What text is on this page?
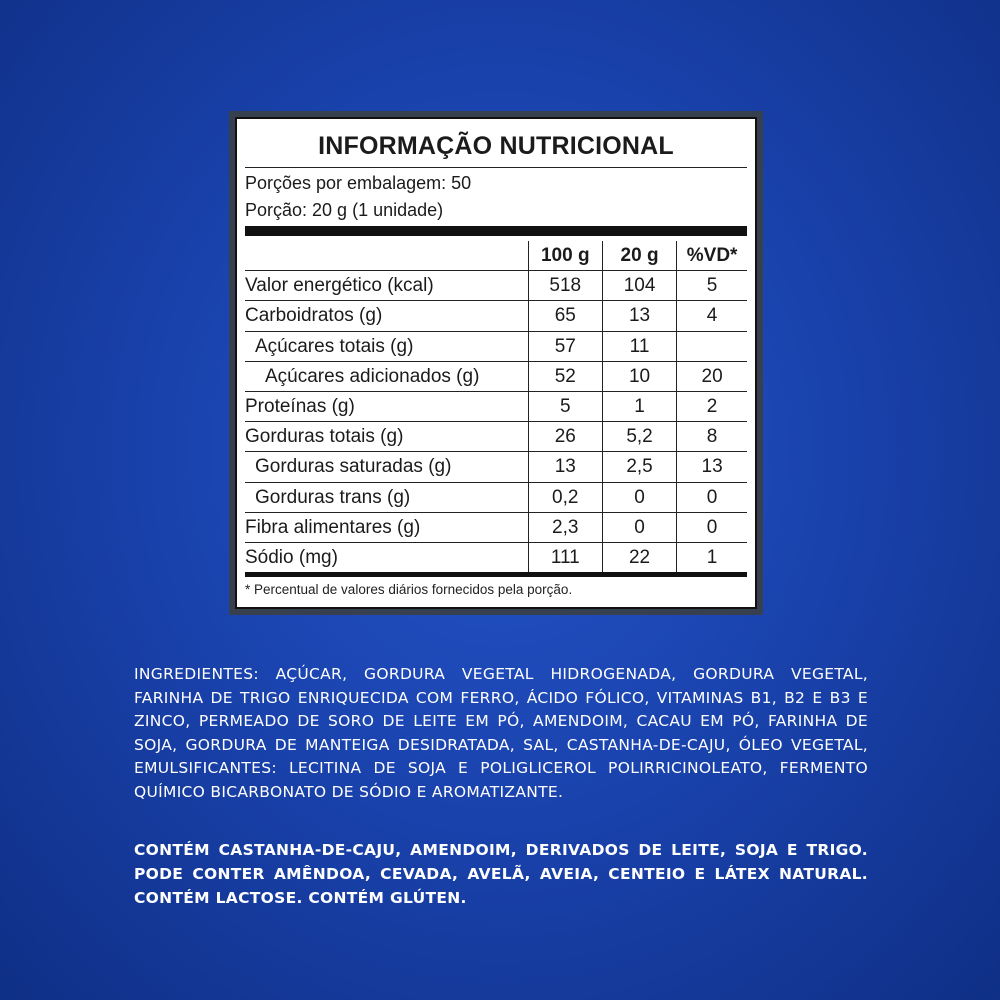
INFORMAÇÃO NUTRICIONAL
Porções por embalagem: 50
Porção: 20 g (1 unidade)
	100 g	20 g	%VD*
Valor energético (kcal)	518	104	5
Carboidratos (g)	65	13	4
Açúcares totais (g)	57	11	
Açúcares adicionados (g)	52	10	20
Proteínas (g)	5	1	2
Gorduras totais (g)	26	5,2	8
Gorduras saturadas (g)	13	2,5	13
Gorduras trans (g)	0,2	0	0
Fibra alimentares (g)	2,3	0	0
Sódio (mg)	111	22	1
* Percentual de valores diários fornecidos pela porção.
INGREDIENTES: AÇÚCAR, GORDURA VEGETAL HIDROGENADA, GORDURA VEGETAL, FARINHA DE TRIGO ENRIQUECIDA COM FERRO, ÁCIDO FÓLICO, VITAMINAS B1, B2 E B3 E ZINCO, PERMEADO DE SORO DE LEITE EM PÓ, AMENDOIM, CACAU EM PÓ, FARINHA DE SOJA, GORDURA DE MANTEIGA DESIDRATADA, SAL, CASTANHA-DE-CAJU, ÓLEO VEGETAL, EMULSIFICANTES: LECITINA DE SOJA E POLIGLICEROL POLIRRICINOLEATO, FERMENTO QUÍMICO BICARBONATO DE SÓDIO E AROMATIZANTE.
CONTÉM CASTANHA-DE-CAJU, AMENDOIM, DERIVADOS DE LEITE, SOJA E TRIGO. PODE CONTER AMÊNDOA, CEVADA, AVELÃ, AVEIA, CENTEIO E LÁTEX NATURAL. CONTÉM LACTOSE. CONTÉM GLÚTEN.
